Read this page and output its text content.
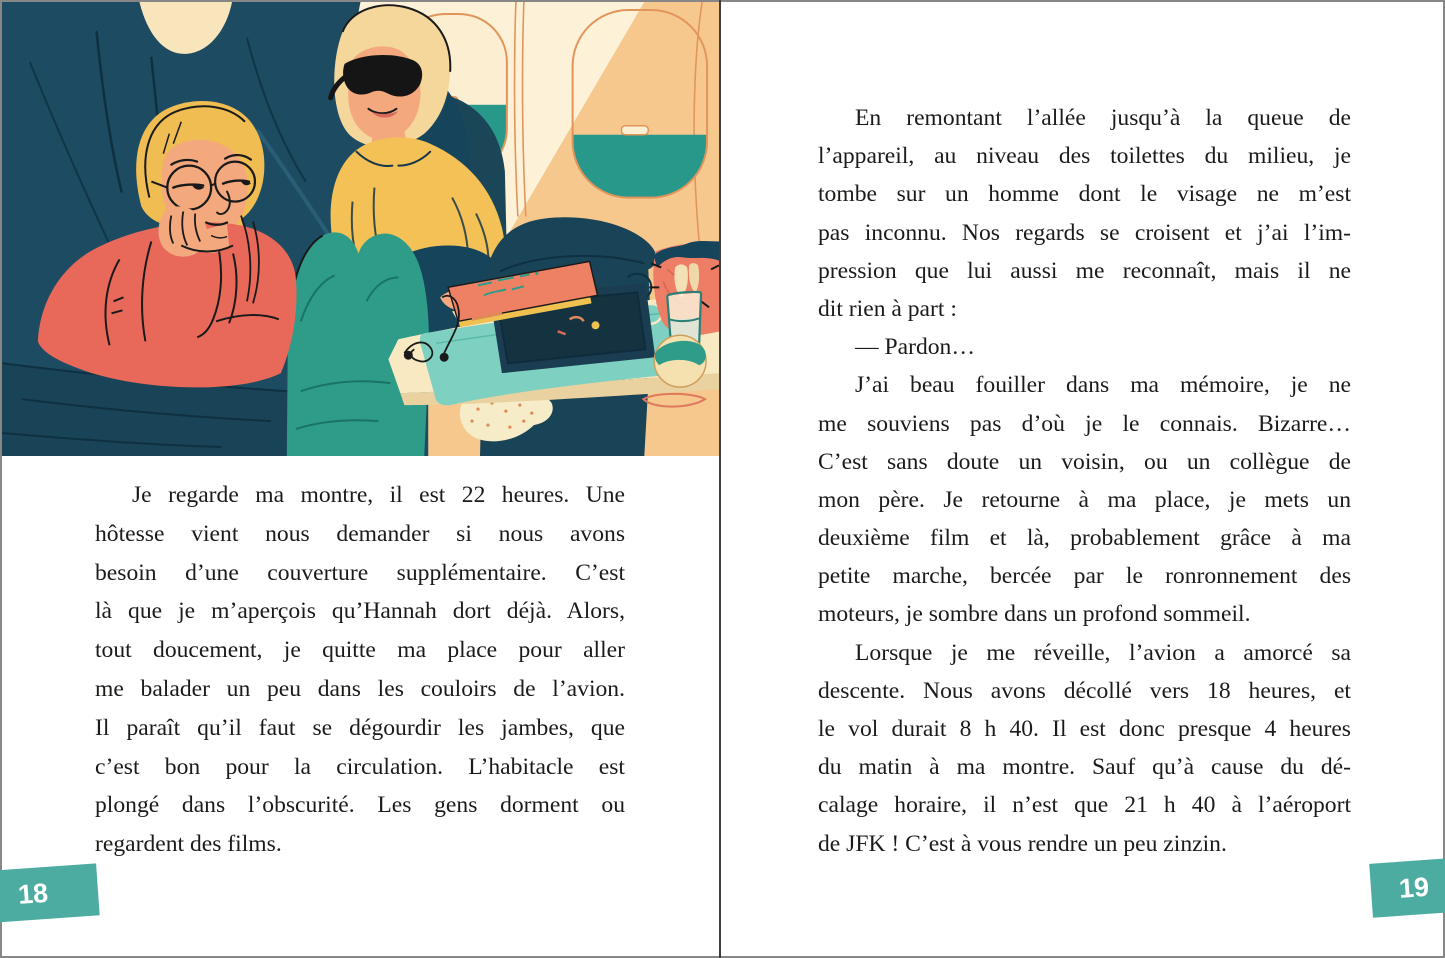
Je regarde ma montre, il est 22 heures. Une
hôtesse vient nous demander si nous avons
besoin d’une couverture supplémentaire. C’est
là que je m’aperçois qu’Hannah dort déjà. Alors,
tout doucement, je quitte ma place pour aller
me balader un peu dans les couloirs de l’avion.
Il paraît qu’il faut se dégourdir les jambes, que
c’est bon pour la circulation. L’habitacle est
plongé dans l’obscurité. Les gens dorment ou
regardent des films.
En remontant l’allée jusqu’à la queue de
l’appareil, au niveau des toilettes du milieu, je
tombe sur un homme dont le visage ne m’est
pas inconnu. Nos regards se croisent et j’ai l’im-
pression que lui aussi me reconnaît, mais il ne
dit rien à part :
— Pardon…
J’ai beau fouiller dans ma mémoire, je ne
me souviens pas d’où je le connais. Bizarre…
C’est sans doute un voisin, ou un collègue de
mon père. Je retourne à ma place, je mets un
deuxième film et là, probablement grâce à ma
petite marche, bercée par le ronronnement des
moteurs, je sombre dans un profond sommeil.
Lorsque je me réveille, l’avion a amorcé sa
descente. Nous avons décollé vers 18 heures, et
le vol durait 8 h 40. Il est donc presque 4 heures
du matin à ma montre. Sauf qu’à cause du dé-
calage horaire, il n’est que 21 h 40 à l’aéroport
de JFK ! C’est à vous rendre un peu zinzin.
18	19
